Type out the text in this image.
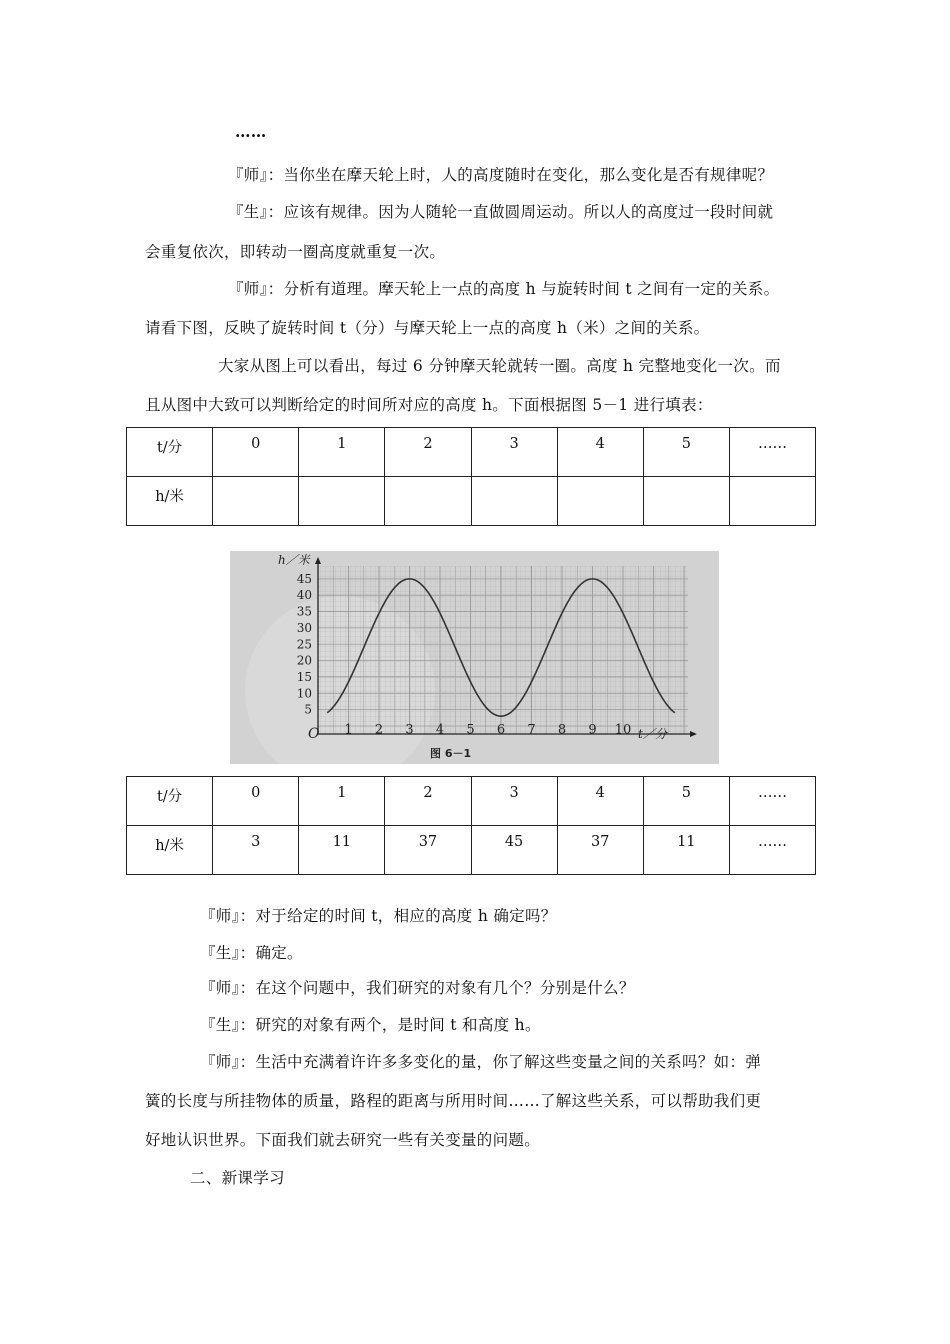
……
『师』：当你坐在摩天轮上时，人的高度随时在变化，那么变化是否有规律呢？
『生』：应该有规律。因为人随轮一直做圆周运动。所以人的高度过一段时间就
会重复依次，即转动一圈高度就重复一次。
『师』：分析有道理。摩天轮上一点的高度 h 与旋转时间 t 之间有一定的关系。
请看下图，反映了旋转时间 t（分）与摩天轮上一点的高度 h（米）之间的关系。
大家从图上可以看出，每过 6 分钟摩天轮就转一圈。高度 h 完整地变化一次。而
且从图中大致可以判断给定的时间所对应的高度 h。下面根据图 5－1 进行填表：
t/分	0	1	2	3	4	5	……
h/米							
5
10
15
20
25
30
35
40
45
1 2 3 4 5 6 7 8 9 10
h／米
t／分
O
图 6－1
t/分	0	1	2	3	4	5	……
h/米	3	11	37	45	37	11	……
『师』：对于给定的时间 t，相应的高度 h 确定吗？
『生』：确定。
『师』：在这个问题中，我们研究的对象有几个？分别是什么？
『生』：研究的对象有两个，是时间 t 和高度 h。
『师』：生活中充满着许许多多变化的量，你了解这些变量之间的关系吗？如：弹
簧的长度与所挂物体的质量，路程的距离与所用时间……了解这些关系，可以帮助我们更
好地认识世界。下面我们就去研究一些有关变量的问题。
二、新课学习
